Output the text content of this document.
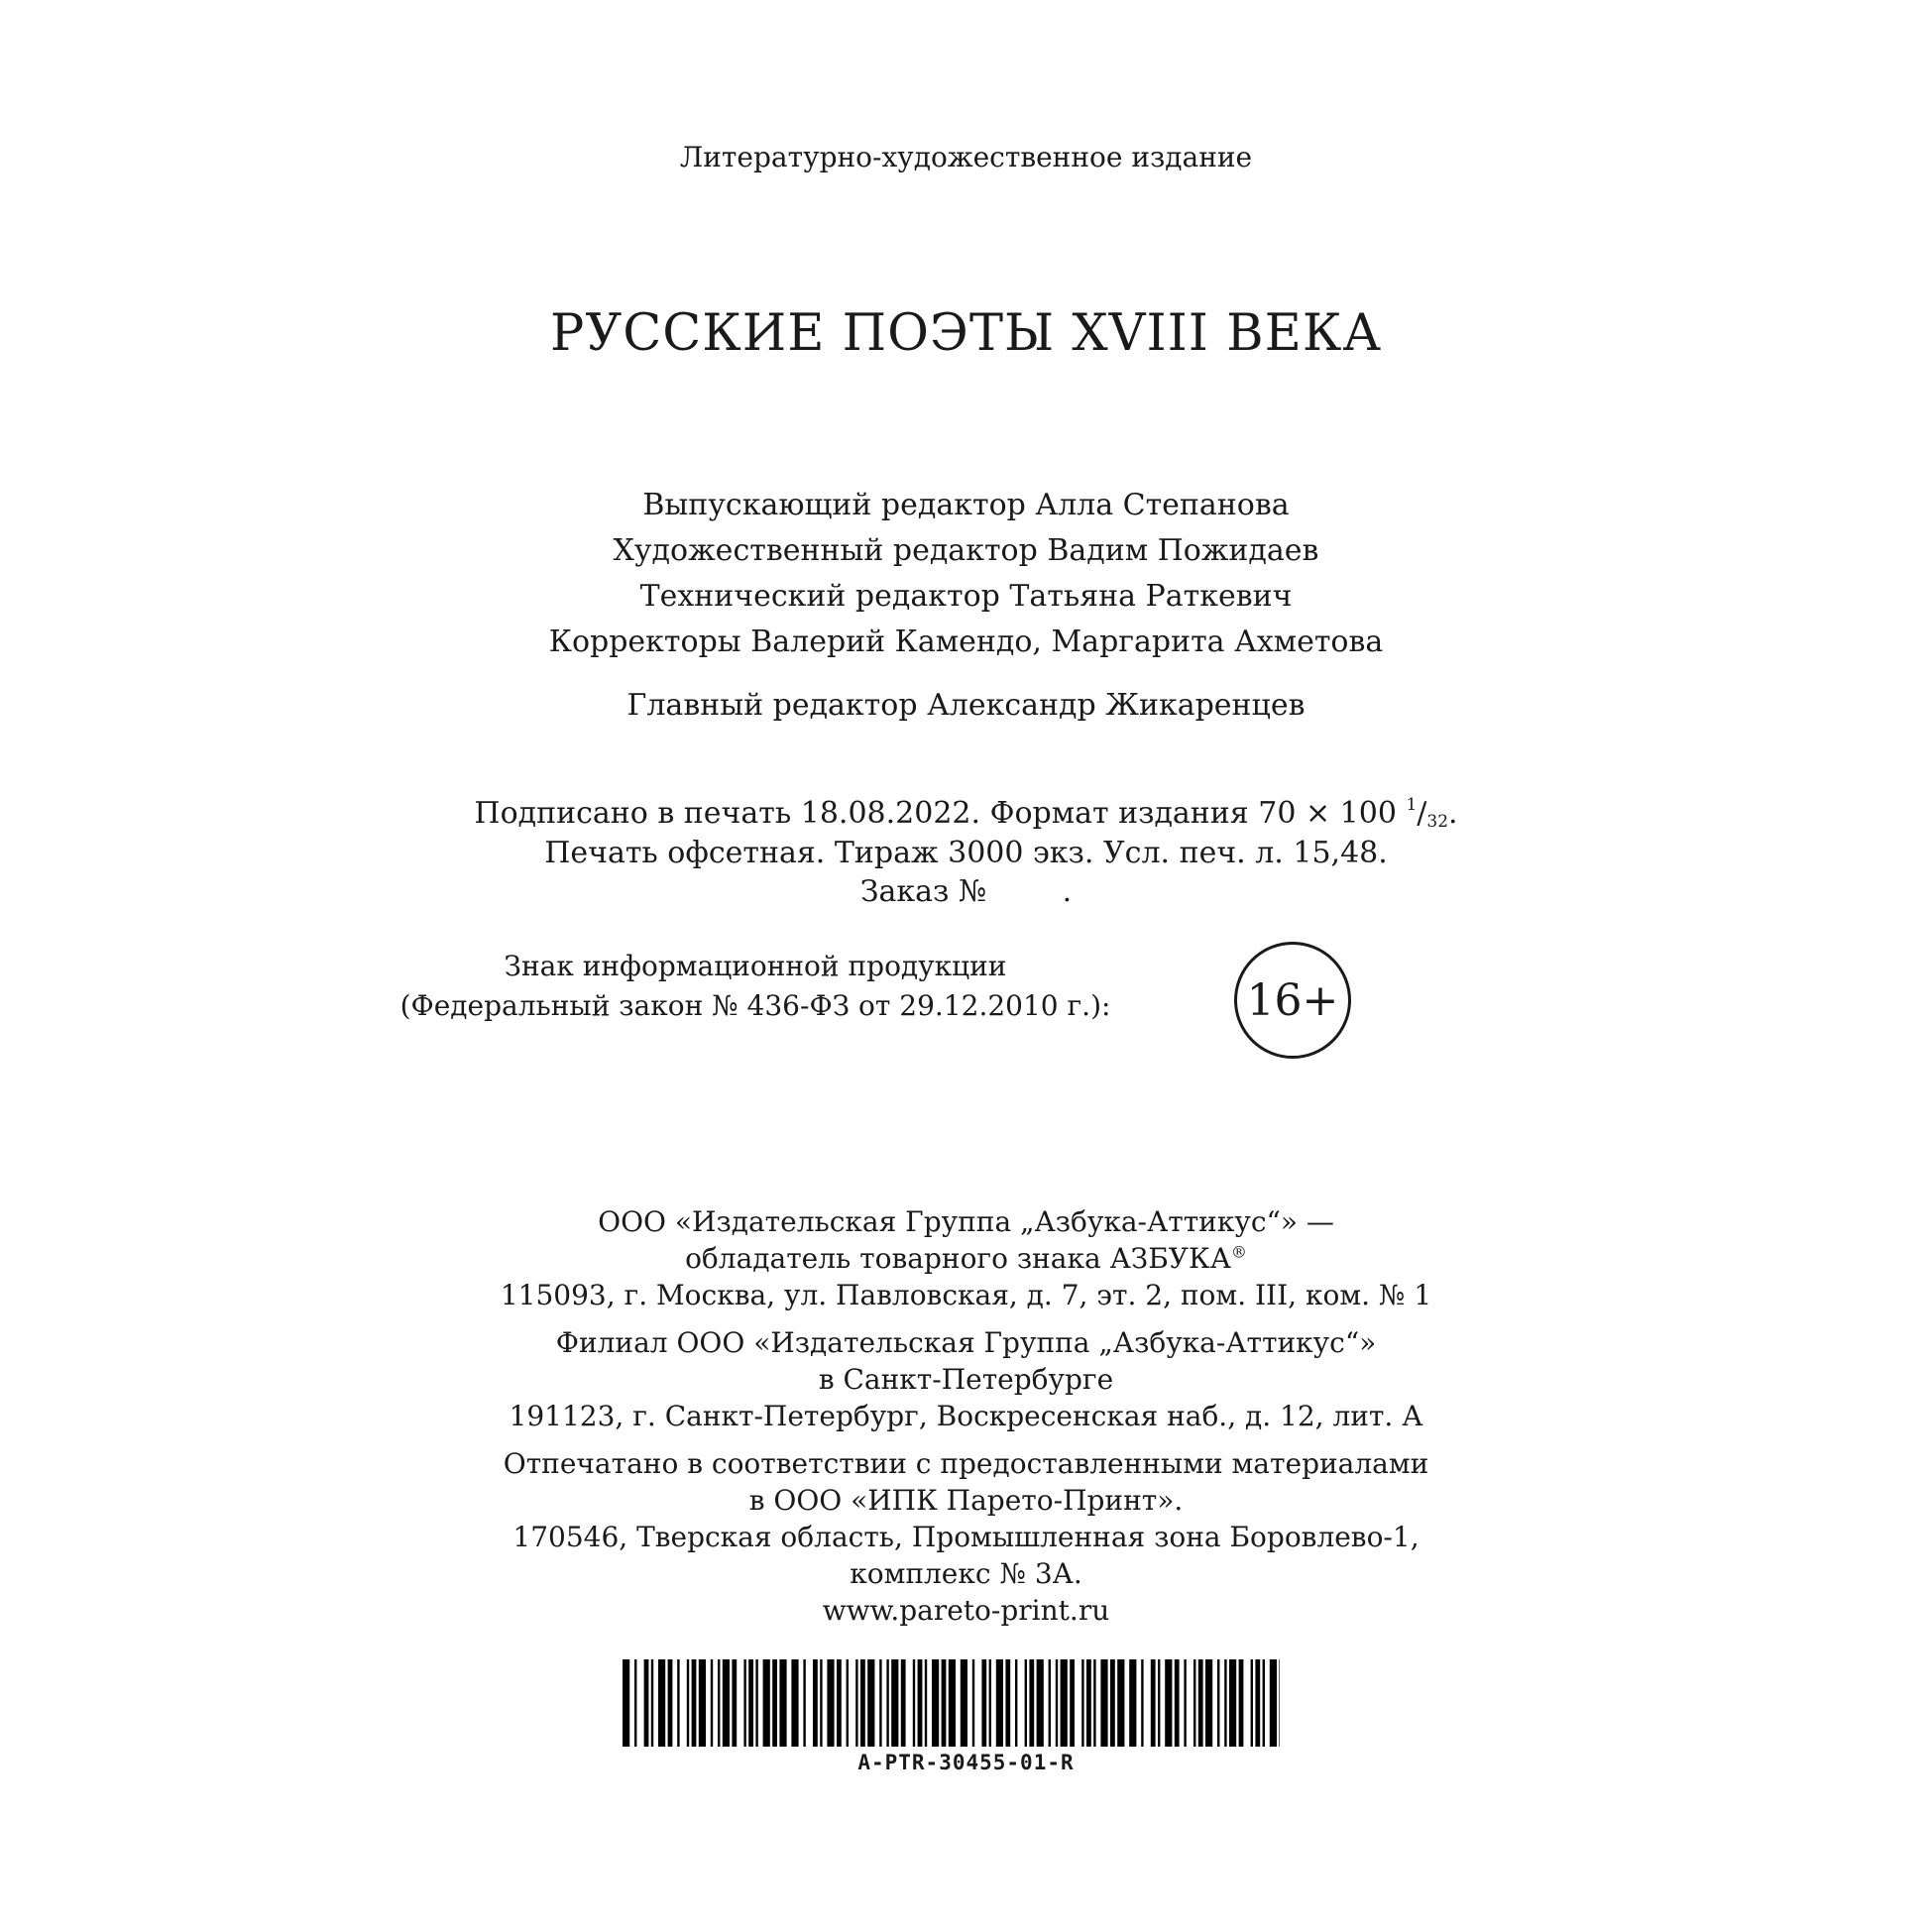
Литературно-художественное издание
РУССКИЕ ПОЭТЫ XVIII ВЕКА
Выпускающий редактор Алла Степанова
Художественный редактор Вадим Пожидаев
Технический редактор Татьяна Раткевич
Корректоры Валерий Камендо, Маргарита Ахметова
Главный редактор Александр Жикаренцев
Подписано в печать 18.08.2022. Формат издания 70 × 100 $^1/_{32}$.
Печать офсетная. Тираж 3000 экз. Усл. печ. л. 15,48.
Заказ №        .
Знак информационной продукции
(Федеральный закон № 436-ФЗ от 29.12.2010 г.):	16+
ООО «Издательская Группа „Азбука-Аттикус“» —
обладатель товарного знака АЗБУКА®
115093, г. Москва, ул. Павловская, д. 7, эт. 2, пом. III, ком. № 1
Филиал ООО «Издательская Группа „Азбука-Аттикус“»
в Санкт-Петербурге
191123, г. Санкт-Петербург, Воскресенская наб., д. 12, лит. А
Отпечатано в соответствии с предоставленными материалами
в ООО «ИПК Парето-Принт».
170546, Тверская область, Промышленная зона Боровлево-1,
комплекс № 3А.
www.pareto-print.ru
A-PTR-30455-01-R
